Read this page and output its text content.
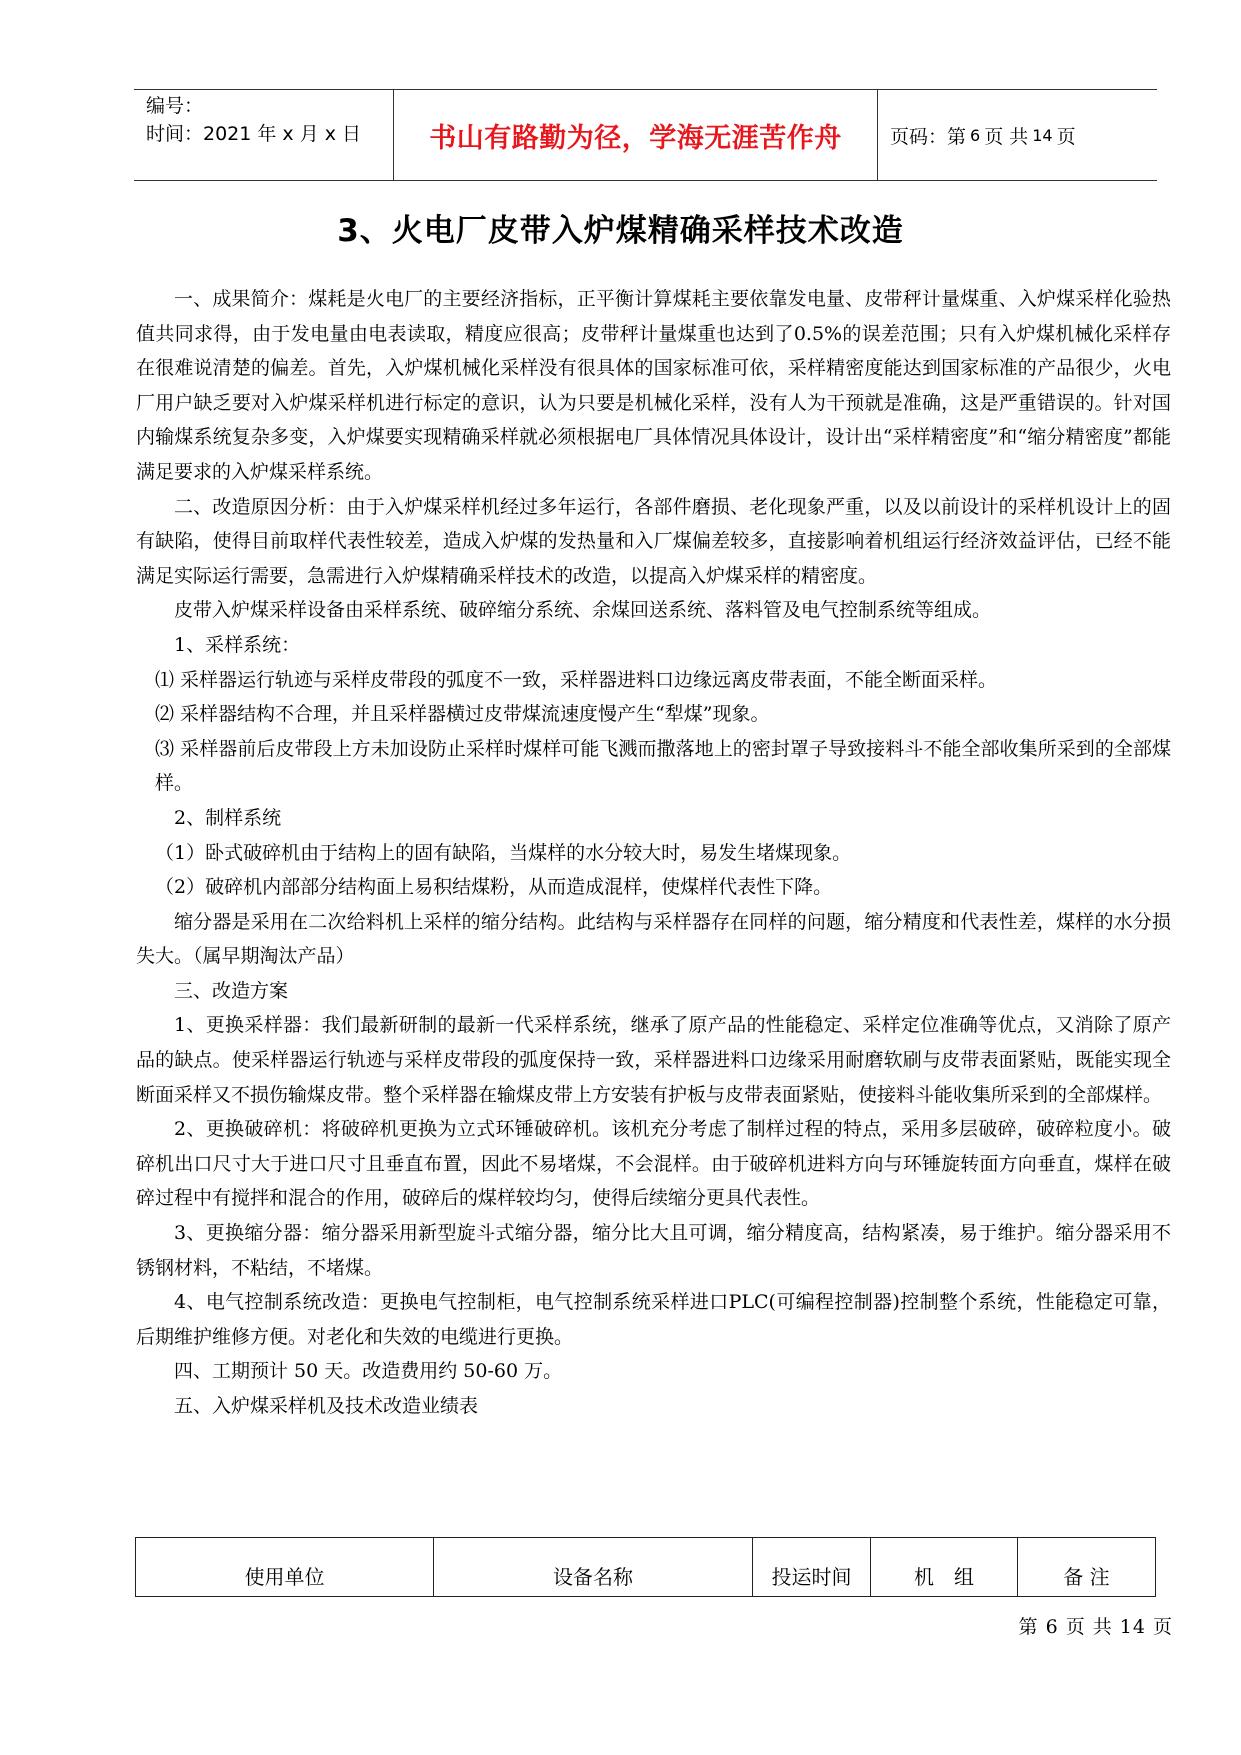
编号：
时间：2021 年 x 月 x 日	书山有路勤为径，学海无涯苦作舟	页码：第 6 页 共 14 页
3、火电厂皮带入炉煤精确采样技术改造

一、成果简介：煤耗是火电厂的主要经济指标，正平衡计算煤耗主要依靠发电量、皮带秤计量煤重、入炉煤采样化验热值共同求得，由于发电量由电表读取，精度应很高；皮带秤计量煤重也达到了0.5%的误差范围；只有入炉煤机械化采样存在很难说清楚的偏差。首先，入炉煤机械化采样没有很具体的国家标准可依，采样精密度能达到国家标准的产品很少，火电厂用户缺乏要对入炉煤采样机进行标定的意识，认为只要是机械化采样，没有人为干预就是准确，这是严重错误的。针对国内输煤系统复杂多变，入炉煤要实现精确采样就必须根据电厂具体情况具体设计，设计出“采样精密度”和“缩分精密度”都能满足要求的入炉煤采样系统。

二、改造原因分析：由于入炉煤采样机经过多年运行，各部件磨损、老化现象严重，以及以前设计的采样机设计上的固有缺陷，使得目前取样代表性较差，造成入炉煤的发热量和入厂煤偏差较多，直接影响着机组运行经济效益评估，已经不能满足实际运行需要，急需进行入炉煤精确采样技术的改造，以提高入炉煤采样的精密度。

皮带入炉煤采样设备由采样系统、破碎缩分系统、余煤回送系统、落料管及电气控制系统等组成。

1、采样系统：

⑴ 采样器运行轨迹与采样皮带段的弧度不一致，采样器进料口边缘远离皮带表面，不能全断面采样。

⑵ 采样器结构不合理，并且采样器横过皮带煤流速度慢产生“犁煤”现象。

⑶ 采样器前后皮带段上方未加设防止采样时煤样可能飞溅而撒落地上的密封罩子导致接料斗不能全部收集所采到的全部煤样。

2、制样系统

（1）卧式破碎机由于结构上的固有缺陷，当煤样的水分较大时，易发生堵煤现象。

（2）破碎机内部部分结构面上易积结煤粉，从而造成混样，使煤样代表性下降。

缩分器是采用在二次给料机上采样的缩分结构。此结构与采样器存在同样的问题，缩分精度和代表性差，煤样的水分损失大。（属早期淘汰产品）

三、改造方案

1、更换采样器：我们最新研制的最新一代采样系统，继承了原产品的性能稳定、采样定位准确等优点，又消除了原产品的缺点。使采样器运行轨迹与采样皮带段的弧度保持一致，采样器进料口边缘采用耐磨软刷与皮带表面紧贴，既能实现全断面采样又不损伤输煤皮带。整个采样器在输煤皮带上方安装有护板与皮带表面紧贴，使接料斗能收集所采到的全部煤样。

2、更换破碎机：将破碎机更换为立式环锤破碎机。该机充分考虑了制样过程的特点，采用多层破碎，破碎粒度小。破碎机出口尺寸大于进口尺寸且垂直布置，因此不易堵煤，不会混样。由于破碎机进料方向与环锤旋转面方向垂直，煤样在破碎过程中有搅拌和混合的作用，破碎后的煤样较均匀，使得后续缩分更具代表性。

3、更换缩分器：缩分器采用新型旋斗式缩分器，缩分比大且可调，缩分精度高，结构紧凑，易于维护。缩分器采用不锈钢材料，不粘结，不堵煤。

4、电气控制系统改造：更换电气控制柜，电气控制系统采样进口PLC(可编程控制器)控制整个系统，性能稳定可靠，后期维护维修方便。对老化和失效的电缆进行更换。

四、工期预计 50 天。改造费用约 50-60 万。

五、入炉煤采样机及技术改造业绩表

使用单位	设备名称	投运时间	机　组	备 注
第 6 页 共 14 页
